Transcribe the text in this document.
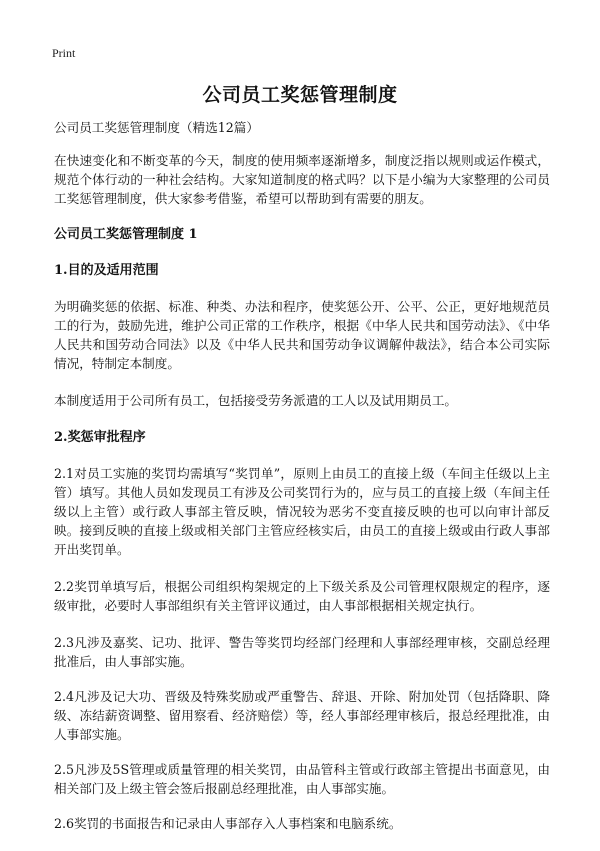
Print
公司员工奖惩管理制度

公司员工奖惩管理制度（精选12篇）

在快速变化和不断变革的今天，制度的使用频率逐渐增多，制度泛指以规则或运作模式，规范个体行动的一种社会结构。大家知道制度的格式吗？以下是小编为大家整理的公司员工奖惩管理制度，供大家参考借鉴，希望可以帮助到有需要的朋友。

公司员工奖惩管理制度 1

1.目的及适用范围

为明确奖惩的依据、标准、种类、办法和程序，使奖惩公开、公平、公正，更好地规范员工的行为，鼓励先进，维护公司正常的工作秩序，根据《中华人民共和国劳动法》、《中华人民共和国劳动合同法》以及《中华人民共和国劳动争议调解仲裁法》，结合本公司实际情况，特制定本制度。

本制度适用于公司所有员工，包括接受劳务派遣的工人以及试用期员工。

2.奖惩审批程序

2.1对员工实施的奖罚均需填写“奖罚单”，原则上由员工的直接上级（车间主任级以上主管）填写。其他人员如发现员工有涉及公司奖罚行为的，应与员工的直接上级（车间主任级以上主管）或行政人事部主管反映，情况较为恶劣不变直接反映的也可以向审计部反映。接到反映的直接上级或相关部门主管应经核实后，由员工的直接上级或由行政人事部开出奖罚单。

2.2奖罚单填写后，根据公司组织构架规定的上下级关系及公司管理权限规定的程序，逐级审批，必要时人事部组织有关主管评议通过，由人事部根据相关规定执行。

2.3凡涉及嘉奖、记功、批评、警告等奖罚均经部门经理和人事部经理审核，交副总经理批准后，由人事部实施。

2.4凡涉及记大功、晋级及特殊奖励或严重警告、辞退、开除、附加处罚（包括降职、降级、冻结薪资调整、留用察看、经济赔偿）等，经人事部经理审核后，报总经理批准，由人事部实施。

2.5凡涉及5S管理或质量管理的相关奖罚，由品管科主管或行政部主管提出书面意见，由相关部门及上级主管会签后报副总经理批准，由人事部实施。

2.6奖罚的书面报告和记录由人事部存入人事档案和电脑系统。
